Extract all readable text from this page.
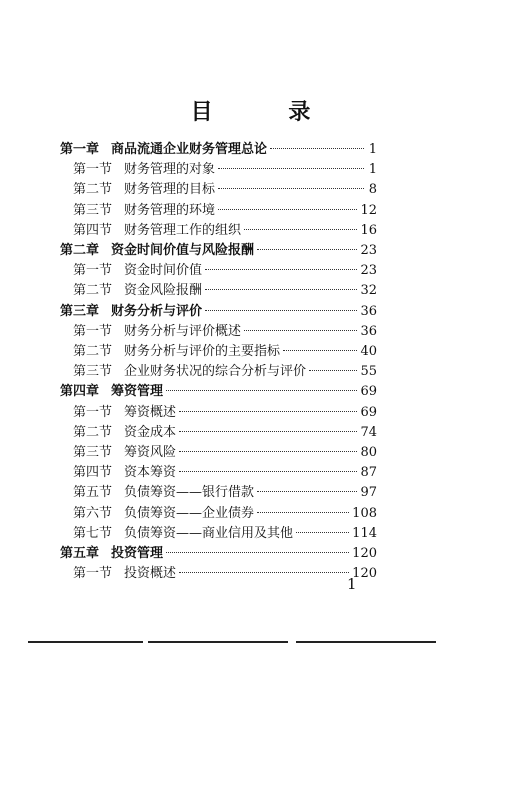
目 录
第一章 商品流通企业财务管理总论	1
第一节 财务管理的对象	1
第二节 财务管理的目标	8
第三节 财务管理的环境	12
第四节 财务管理工作的组织	16
第二章 资金时间价值与风险报酬	23
第一节 资金时间价值	23
第二节 资金风险报酬	32
第三章 财务分析与评价	36
第一节 财务分析与评价概述	36
第二节 财务分析与评价的主要指标	40
第三节 企业财务状况的综合分析与评价	55
第四章 筹资管理	69
第一节 筹资概述	69
第二节 资金成本	74
第三节 筹资风险	80
第四节 资本筹资	87
第五节 负债筹资——银行借款	97
第六节 负债筹资——企业债券	108
第七节 负债筹资——商业信用及其他	114
第五章 投资管理	120
第一节 投资概述	120
1
